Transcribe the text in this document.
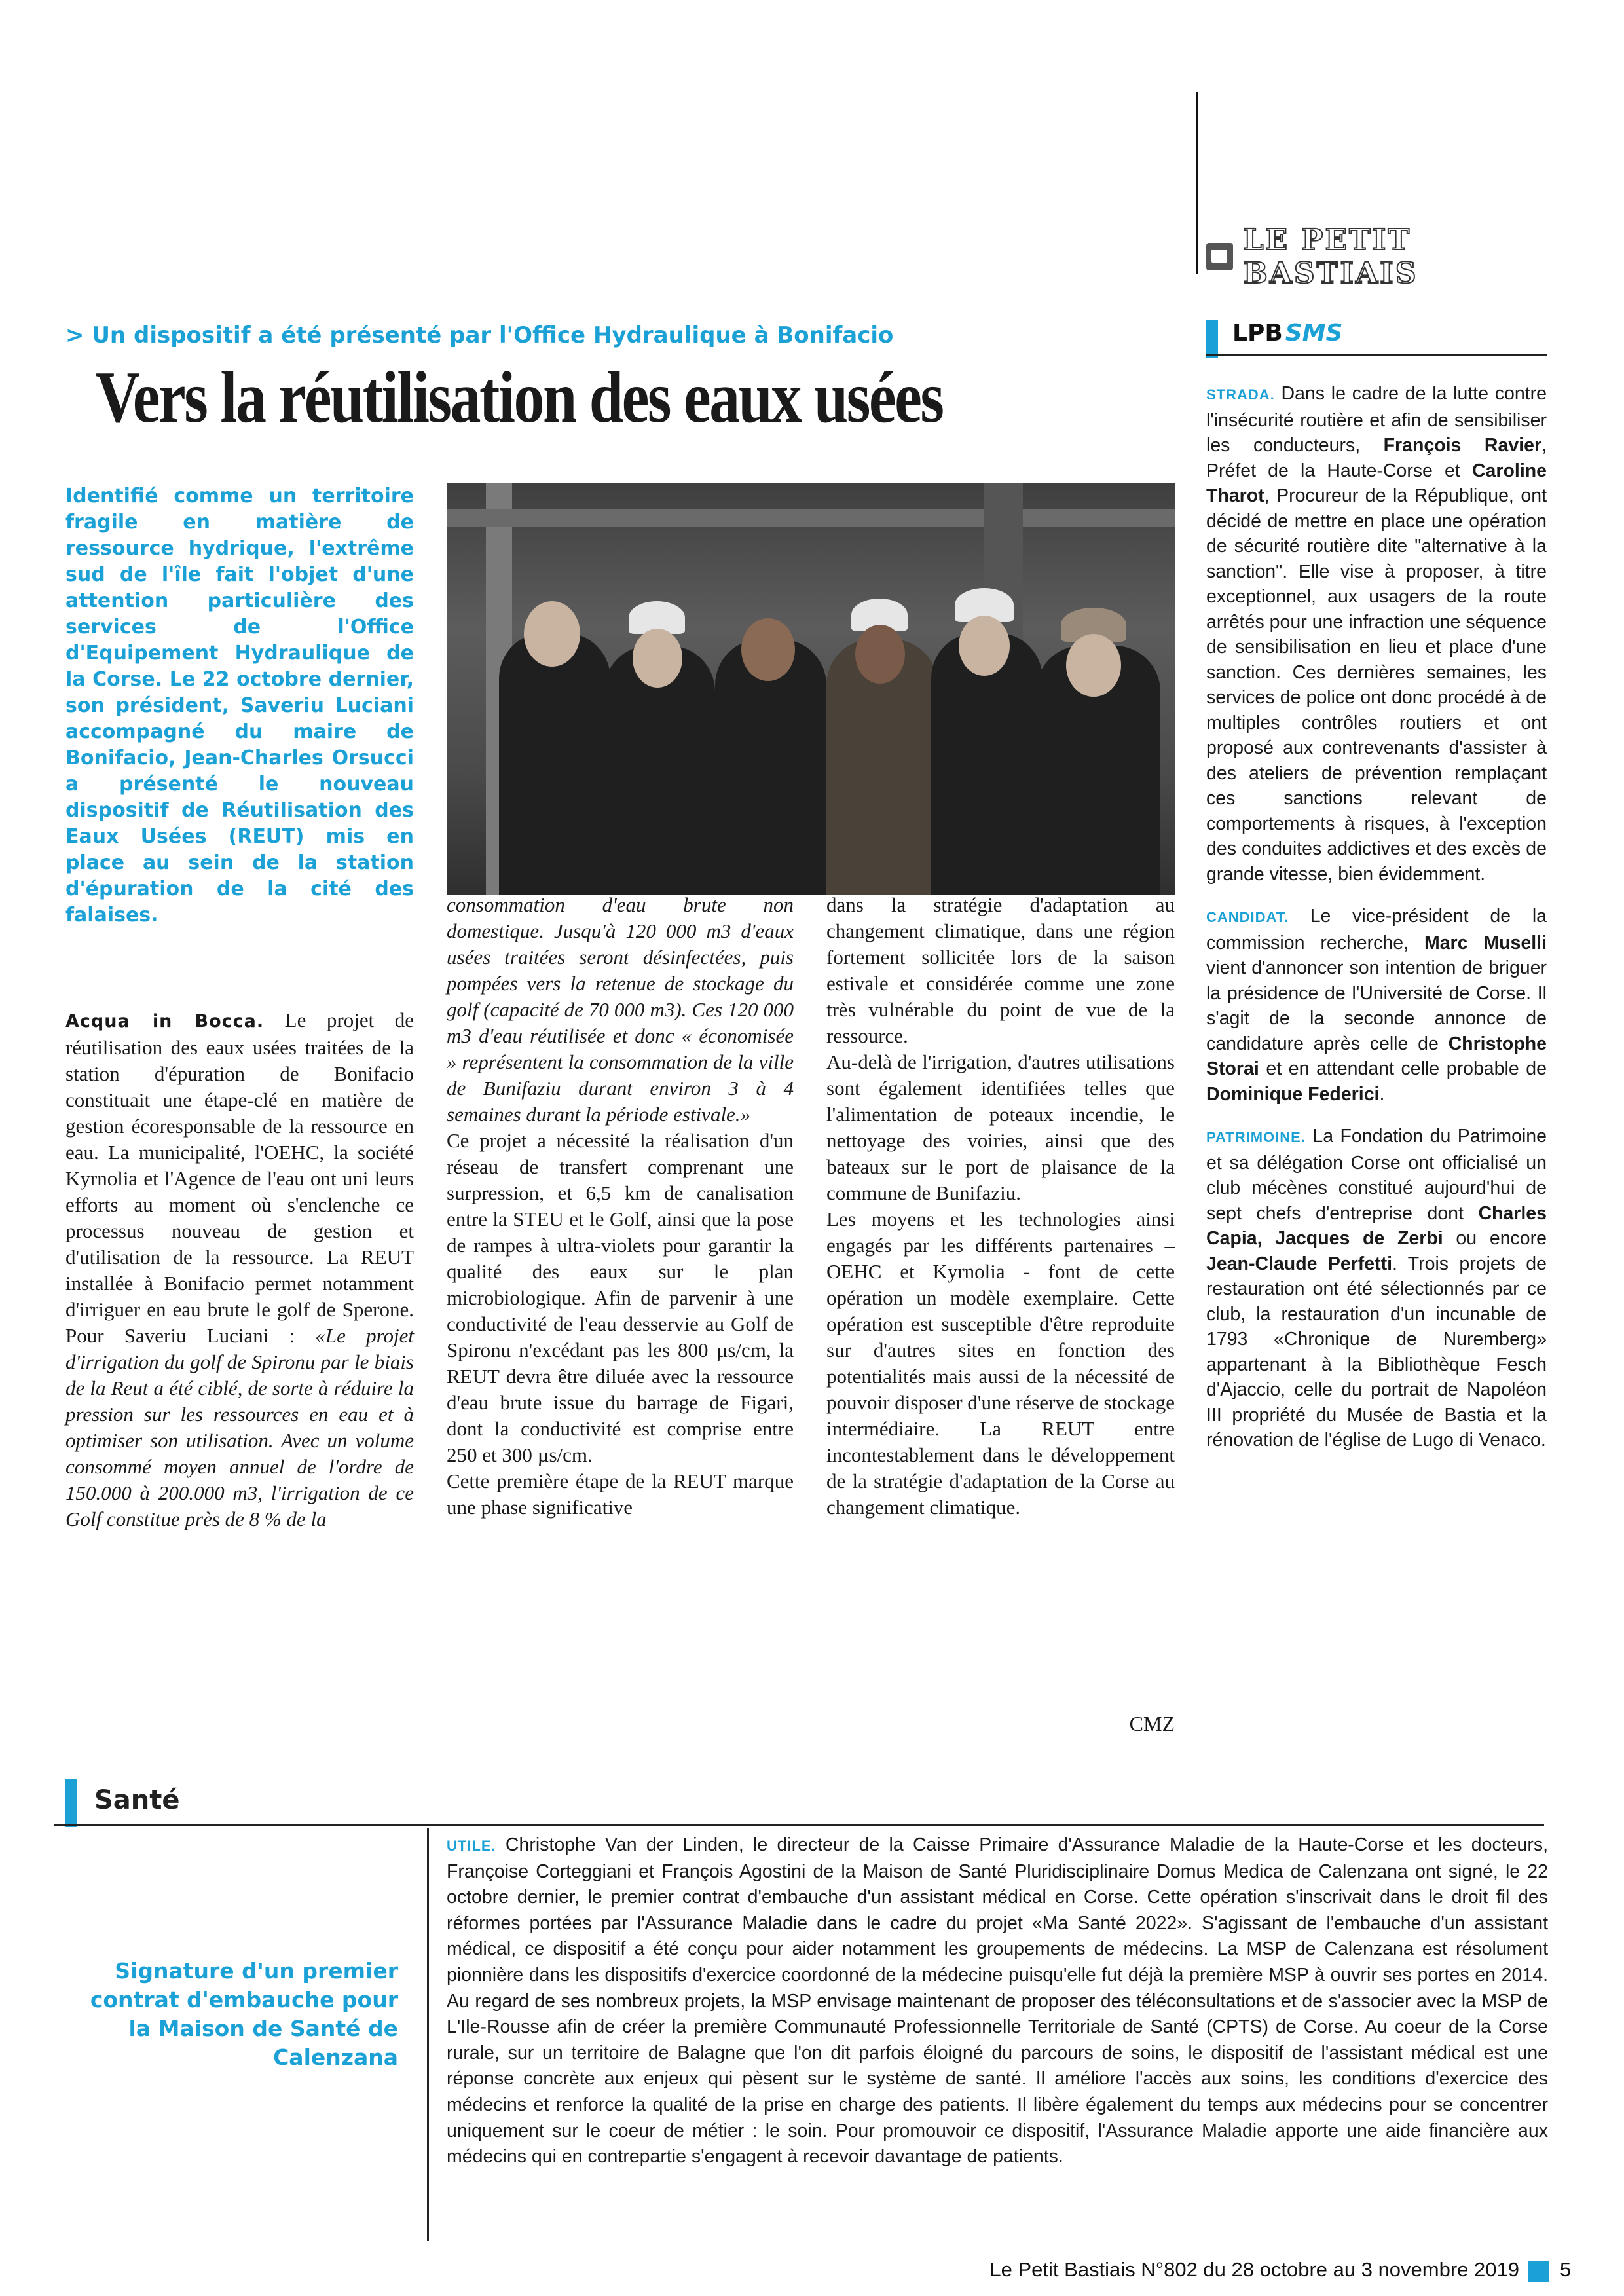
LE PETIT BASTIAIS
> Un dispositif a été présenté par l'Office Hydraulique à Bonifacio
Vers la réutilisation des eaux usées
Identifié comme un territoire fragile en matière de ressource hydrique, l'extrême sud de l'île fait l'objet d'une attention particulière des services de l'Office d'Equipement Hydraulique de la Corse. Le 22 octobre dernier, son président, Saveriu Luciani accompagné du maire de Bonifacio, Jean-Charles Orsucci a présenté le nouveau dispositif de Réutilisation des Eaux Usées (REUT) mis en place au sein de la station d'épuration de la cité des falaises.

Acqua in Bocca. Le projet de réutilisation des eaux usées traitées de la station d'épuration de Bonifacio constituait une étape-clé en matière de gestion écoresponsable de la ressource en eau. La municipalité, l'OEHC, la société Kyrnolia et l'Agence de l'eau ont uni leurs efforts au moment où s'enclenche ce processus nouveau de gestion et d'utilisation de la ressource. La REUT installée à Bonifacio permet notamment d'irriguer en eau brute le golf de Sperone. Pour Saveriu Luciani : «Le projet d'irrigation du golf de Spironu par le biais de la Reut a été ciblé, de sorte à réduire la pression sur les ressources en eau et à optimiser son utilisation. Avec un volume consommé moyen annuel de l'ordre de 150.000 à 200.000 m3, l'irrigation de ce Golf constitue près de 8 % de la

consommation d'eau brute non domestique. Jusqu'à 120 000 m3 d'eaux usées traitées seront désinfectées, puis pompées vers la retenue de stockage du golf (capacité de 70 000 m3). Ces 120 000 m3 d'eau réutilisée et donc « économisée » représentent la consommation de la ville de Bunifaziu durant environ 3 à 4 semaines durant la période estivale.»

Ce projet a nécessité la réalisation d'un réseau de transfert comprenant une surpression, et 6,5 km de canalisation entre la STEU et le Golf, ainsi que la pose de rampes à ultra-violets pour garantir la qualité des eaux sur le plan microbiologique. Afin de parvenir à une conductivité de l'eau desservie au Golf de Spironu n'excédant pas les 800 µs/cm, la REUT devra être diluée avec la ressource d'eau brute issue du barrage de Figari, dont la conductivité est comprise entre 250 et 300 µs/cm.

Cette première étape de la REUT marque une phase significative

dans la stratégie d'adaptation au changement climatique, dans une région fortement sollicitée lors de la saison estivale et considérée comme une zone très vulnérable du point de vue de la ressource.

Au-delà de l'irrigation, d'autres utilisations sont également identifiées telles que l'alimentation de poteaux incendie, le nettoyage des voiries, ainsi que des bateaux sur le port de plaisance de la commune de Bunifaziu.

Les moyens et les technologies ainsi engagés par les différents partenaires – OEHC et Kyrnolia - font de cette opération un modèle exemplaire. Cette opération est susceptible d'être reproduite sur d'autres sites en fonction des potentialités mais aussi de la nécessité de pouvoir disposer d'une réserve de stockage intermédiaire. La REUT entre incontestablement dans le développement de la stratégie d'adaptation de la Corse au changement climatique.

CMZ
LPB SMS

STRADA. Dans le cadre de la lutte contre l'insécurité routière et afin de sensibiliser les conducteurs, François Ravier, Préfet de la Haute-Corse et Caroline Tharot, Procureur de la République, ont décidé de mettre en place une opération de sécurité routière dite "alternative à la sanction". Elle vise à proposer, à titre exceptionnel, aux usagers de la route arrêtés pour une infraction une séquence de sensibilisation en lieu et place d'une sanction. Ces dernières semaines, les services de police ont donc procédé à de multiples contrôles routiers et ont proposé aux contrevenants d'assister à des ateliers de prévention remplaçant ces sanctions relevant de comportements à risques, à l'exception des conduites addictives et des excès de grande vitesse, bien évidemment.

CANDIDAT. Le vice-président de la commission recherche, Marc Muselli vient d'annoncer son intention de briguer la présidence de l'Université de Corse. Il s'agit de la seconde annonce de candidature après celle de Christophe Storai et en attendant celle probable de Dominique Federici.

PATRIMOINE. La Fondation du Patrimoine et sa délégation Corse ont officialisé un club mécènes constitué aujourd'hui de sept chefs d'entreprise dont Charles Capia, Jacques de Zerbi ou encore Jean-Claude Perfetti. Trois projets de restauration ont été sélectionnés par ce club, la restauration d'un incunable de 1793 «Chronique de Nuremberg» appartenant à la Bibliothèque Fesch d'Ajaccio, celle du portrait de Napoléon III propriété du Musée de Bastia et la rénovation de l'église de Lugo di Venaco.

Santé
Signature d'un premier contrat d'embauche pour la Maison de Santé de Calenzana
UTILE. Christophe Van der Linden, le directeur de la Caisse Primaire d'Assurance Maladie de la Haute-Corse et les docteurs, Françoise Corteggiani et François Agostini de la Maison de Santé Pluridisciplinaire Domus Medica de Calenzana ont signé, le 22 octobre dernier, le premier contrat d'embauche d'un assistant médical en Corse. Cette opération s'inscrivait dans le droit fil des réformes portées par l'Assurance Maladie dans le cadre du projet «Ma Santé 2022». S'agissant de l'embauche d'un assistant médical, ce dispositif a été conçu pour aider notamment les groupements de médecins. La MSP de Calenzana est résolument pionnière dans les dispositifs d'exercice coordonné de la médecine puisqu'elle fut déjà la première MSP à ouvrir ses portes en 2014. Au regard de ses nombreux projets, la MSP envisage maintenant de proposer des téléconsultations et de s'associer avec la MSP de L'Ile-Rousse afin de créer la première Communauté Professionnelle Territoriale de Santé (CPTS) de Corse. Au coeur de la Corse rurale, sur un territoire de Balagne que l'on dit parfois éloigné du parcours de soins, le dispositif de l'assistant médical est une réponse concrète aux enjeux qui pèsent sur le système de santé. Il améliore l'accès aux soins, les conditions d'exercice des médecins et renforce la qualité de la prise en charge des patients. Il libère également du temps aux médecins pour se concentrer uniquement sur le coeur de métier : le soin. Pour promouvoir ce dispositif, l'Assurance Maladie apporte une aide financière aux médecins qui en contrepartie s'engagent à recevoir davantage de patients.
Le Petit Bastiais N°802 du 28 octobre au 3 novembre 2019 5
